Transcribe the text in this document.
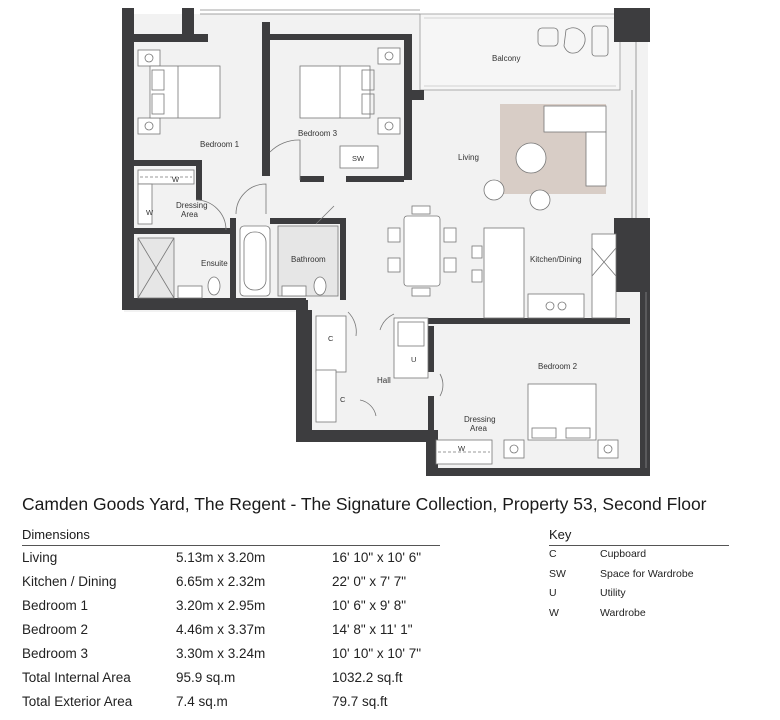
Balcony
Bedroom 1
Bedroom 3
Living
Dressing Area
Ensuite	Bathroom	Kitchen/Dining
Bedroom 2
Hall
Dressing Area
SW
W
W
W
C
C
U
Camden Goods Yard, The Regent - The Signature Collection, Property 53, Second Floor
Dimensions
Living	5.13m x 3.20m	16' 10" x 10' 6"
Kitchen / Dining	6.65m x 2.32m	22' 0" x 7' 7"
Bedroom 1	3.20m x 2.95m	10' 6" x 9' 8"
Bedroom 2	4.46m x 3.37m	14' 8" x 11' 1"
Bedroom 3	3.30m x 3.24m	10' 10" x 10' 7"
Total Internal Area	95.9 sq.m	1032.2 sq.ft
Total Exterior Area	7.4 sq.m	79.7 sq.ft
Key
C	Cupboard
SW	Space for Wardrobe
U	Utility
W	Wardrobe
